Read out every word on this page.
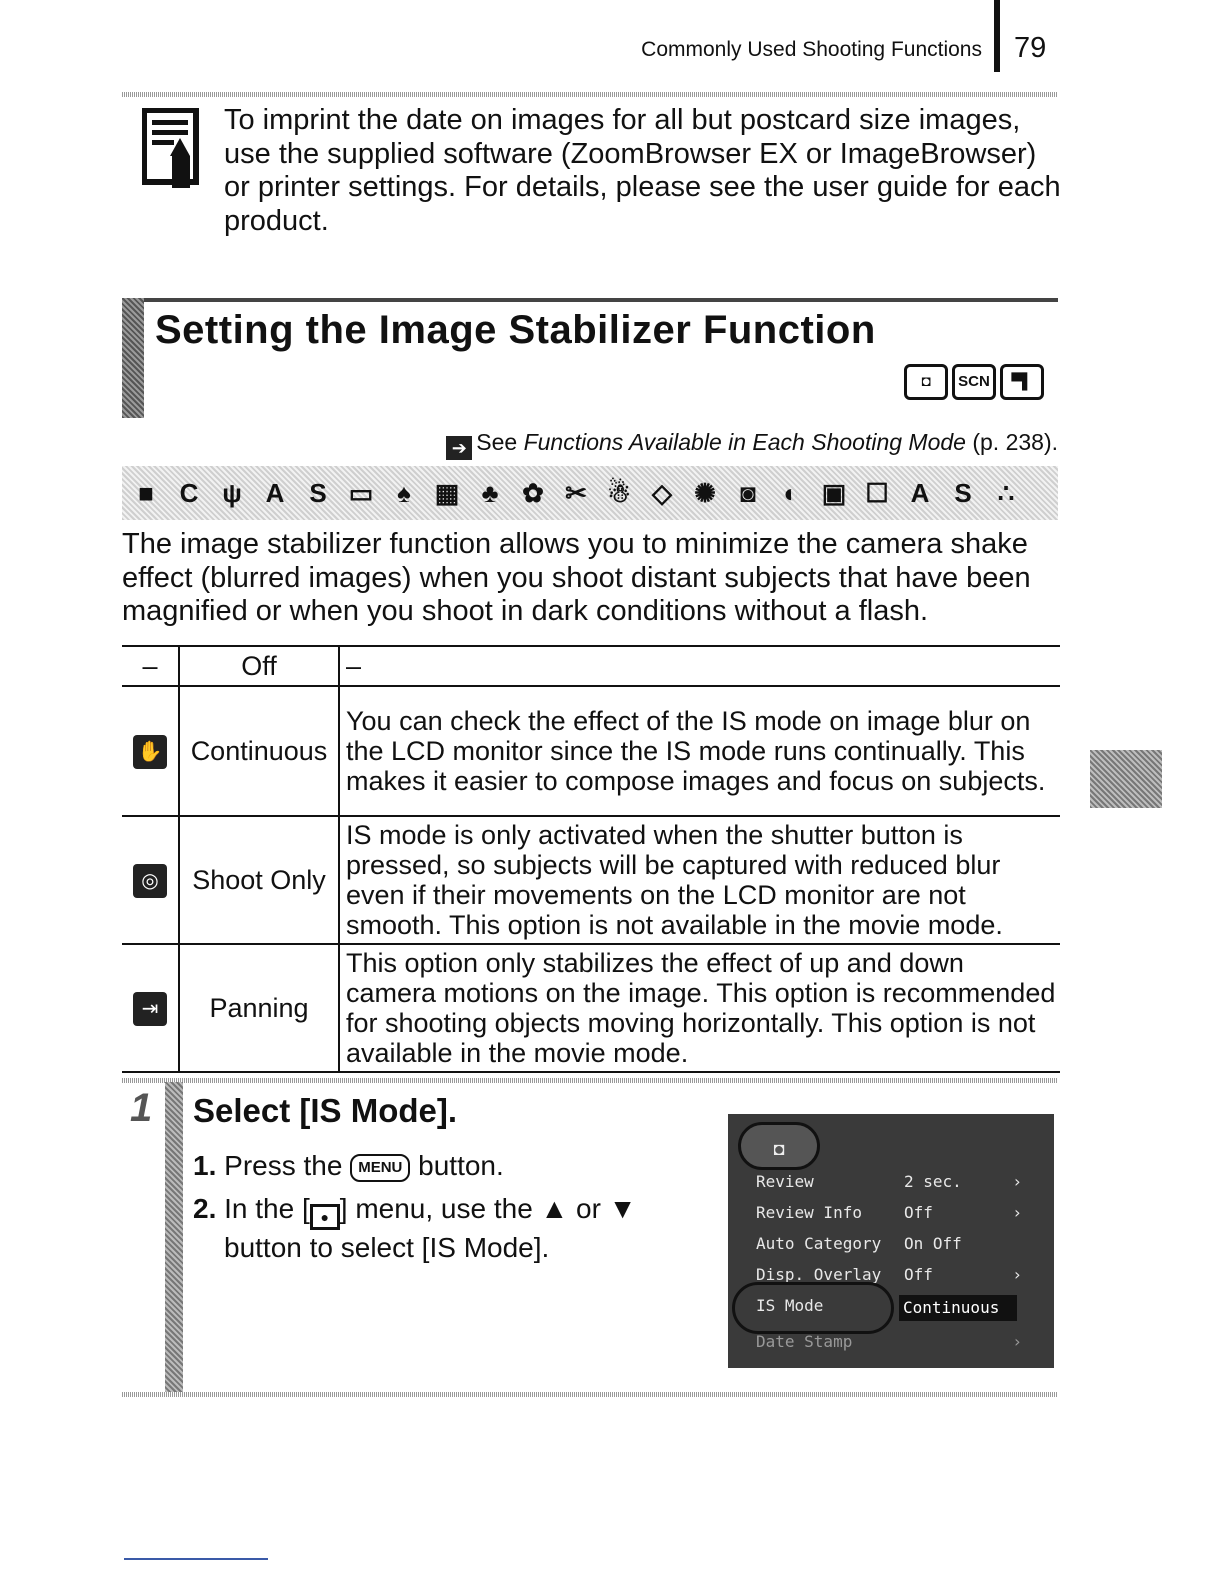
Commonly Used Shooting Functions 79
To imprint the date on images for all but postcard size images, use the supplied software (ZoomBrowser EX or ImageBrowser) or printer settings. For details, please see the user guide for each product.
Setting the Image Stabilizer Function
◘ SCN ▀▌
➔ See Functions Available in Each Shooting Mode (p. 238).
■ C ψ A S ▭ ♠ ▦ ♣ ✿ ✂ ☃ ◇ ✺ ◙ ◐ ▣ ☐ A S ∴
The image stabilizer function allows you to minimize the camera shake effect (blurred images) when you shoot distant subjects that have been magnified or when you shoot in dark conditions without a flash.
–	Off	–
✋	Continuous	You can check the effect of the IS mode on image blur on the LCD monitor since the IS mode runs continually. This makes it easier to compose images and focus on subjects.
◎	Shoot Only	IS mode is only activated when the shutter button is pressed, so subjects will be captured with reduced blur even if their movements on the LCD monitor are not smooth. This option is not available in the movie mode.
⇥	Panning	This option only stabilizes the effect of up and down camera motions on the image. This option is recommended for shooting objects moving horizontally. This option is not available in the movie mode.
1 Select [IS Mode].
1. Press the MENU button.
2. In the [ ● ] menu, use the ▲ or ▼
button to select [IS Mode].
◘
Review	2 sec.	›
Review Info	Off	›
Auto Category On Off
Disp. Overlay Off	›
IS Mode	Continuous
Date Stamp	›
